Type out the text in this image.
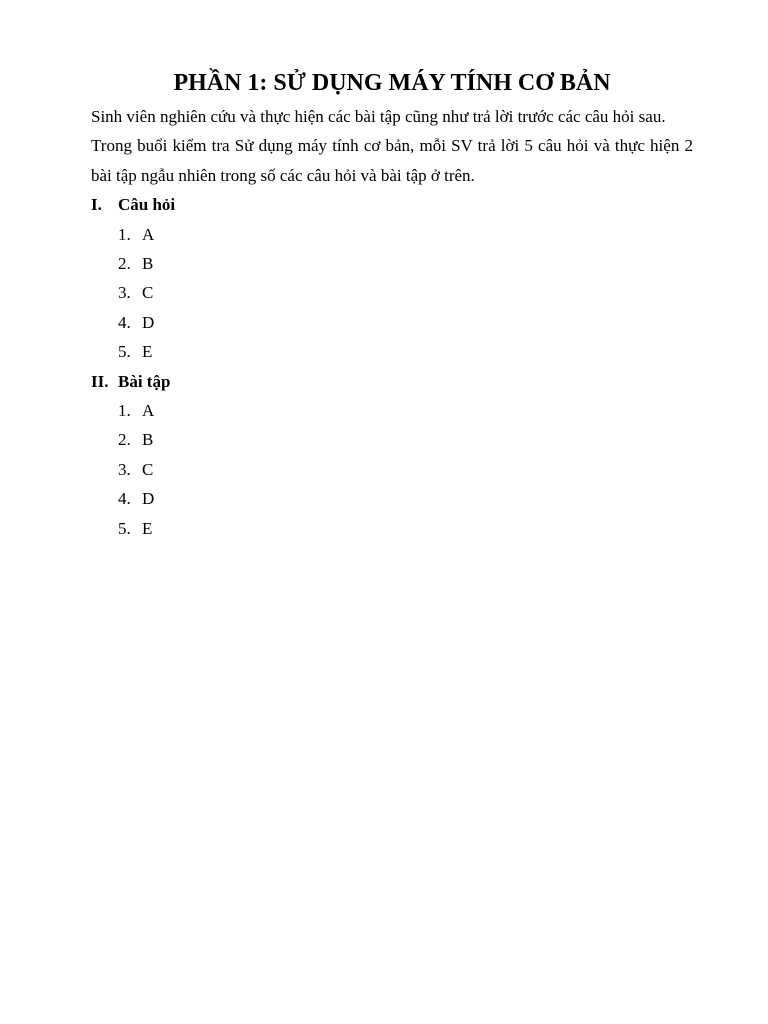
PHẦN 1: SỬ DỤNG MÁY TÍNH CƠ BẢN

Sinh viên nghiên cứu và thực hiện các bài tập cũng như trả lời trước các câu hỏi sau.

Trong buổi kiểm tra Sử dụng máy tính cơ bản, mỗi SV trả lời 5 câu hỏi và thực hiện 2 bài tập ngẫu nhiên trong số các câu hỏi và bài tập ở trên.

I. Câu hỏi
1. A
2. B
3. C
4. D
5. E
II. Bài tập
1. A
2. B
3. C
4. D
5. E
